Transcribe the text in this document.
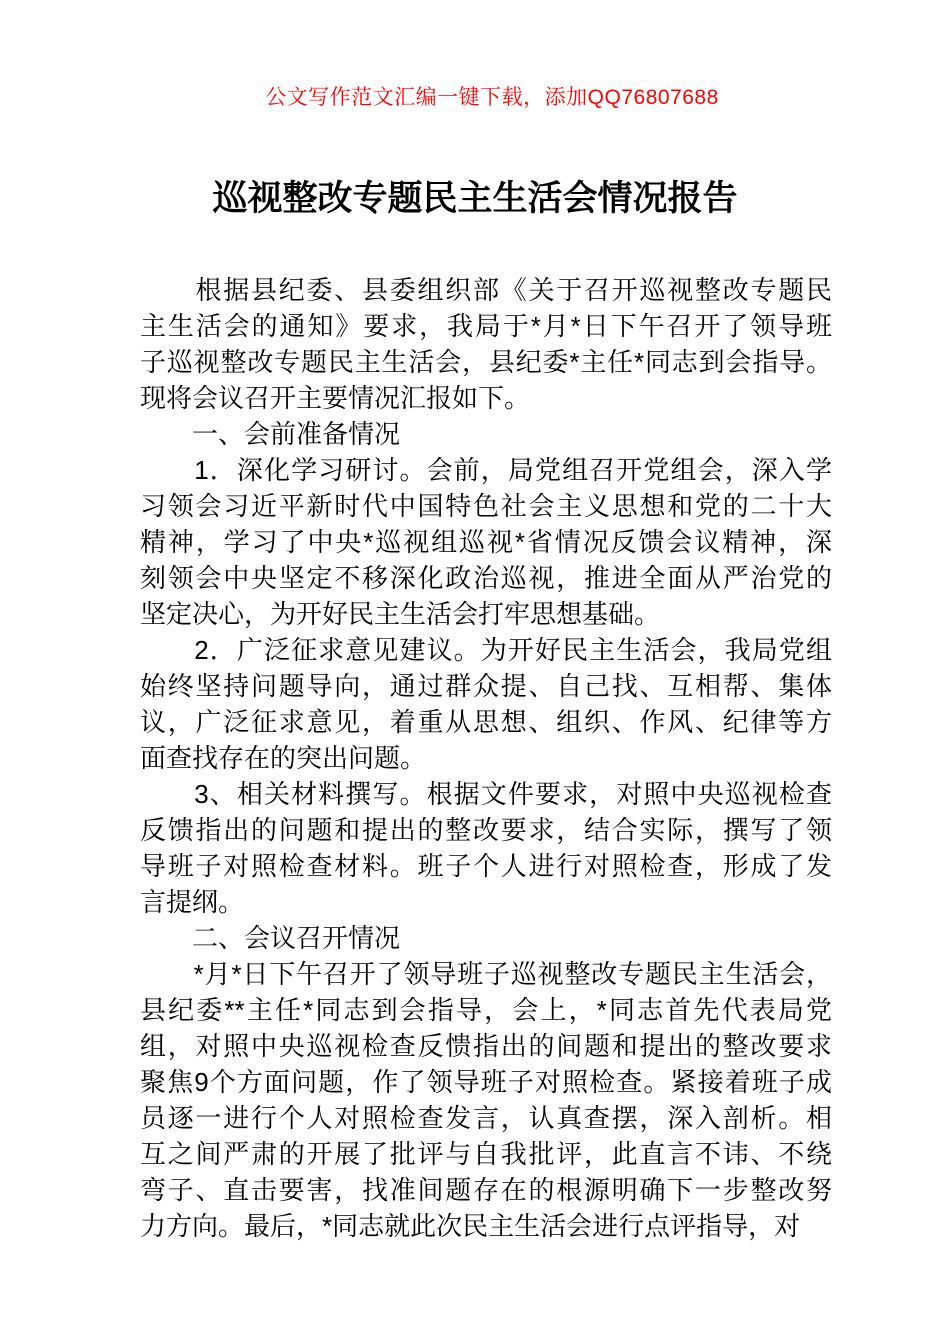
公文写作范文汇编一键下载，添加QQ76807688
巡视整改专题民主生活会情况报告
　　根据县纪委、县委组织部《关于召开巡视整改专题民
主生活会的通知》要求，我局于*月*日下午召开了领导班
子巡视整改专题民主生活会，县纪委*主任*同志到会指导。
现将会议召开主要情况汇报如下。
　　一、会前准备情况
　　1．深化学习研讨。会前，局党组召开党组会，深入学
习领会习近平新时代中国特色社会主义思想和党的二十大
精神，学习了中央*巡视组巡视*省情况反馈会议精神，深
刻领会中央坚定不移深化政治巡视，推进全面从严治党的
坚定决心，为开好民主生活会打牢思想基础。
　　2．广泛征求意见建议。为开好民主生活会，我局党组
始终坚持问题导向，通过群众提、自己找、互相帮、集体
议，广泛征求意见，着重从思想、组织、作风、纪律等方
面查找存在的突出问题。
　　3、相关材料撰写。根据文件要求，对照中央巡视检查
反馈指出的问题和提出的整改要求，结合实际，撰写了领
导班子对照检查材料。班子个人进行对照检查，形成了发
言提纲。
　　二、会议召开情况
　　*月*日下午召开了领导班子巡视整改专题民主生活会，
县纪委**主任*同志到会指导，会上，*同志首先代表局党
组，对照中央巡视检查反愦指出的间题和提出的整改要求
聚焦9个方面问题，作了领导班子对照检查。紧接着班子成
员逐一进行个人对照检查发言，认真查摆，深入剖析。相
互之间严肃的开展了批评与自我批评，此直言不讳、不绕
弯子、直击要害，找准间题存在的根源明确下一步整改努
力方向。最后，*同志就此次民主生活会进行点评指导，对
